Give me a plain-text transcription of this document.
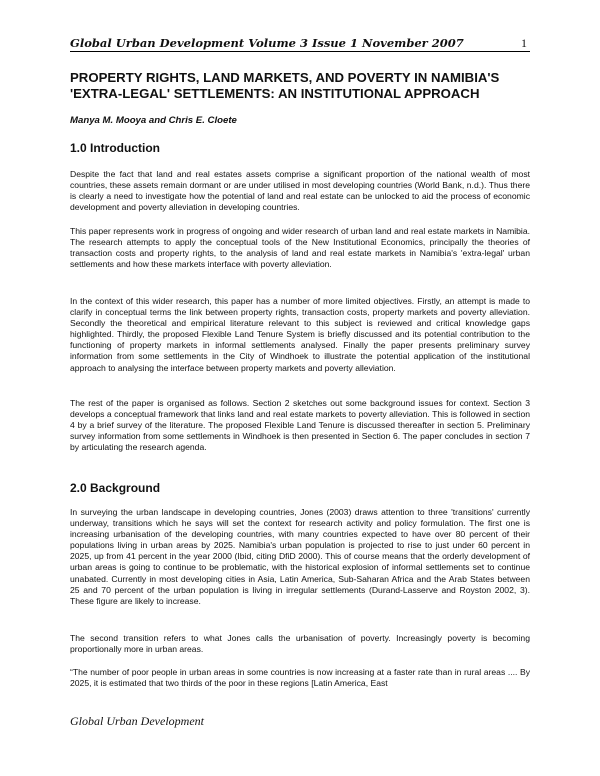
Global Urban Development Volume 3 Issue 1 November 2007	1
PROPERTY RIGHTS, LAND MARKETS, AND POVERTY IN NAMIBIA'S 'EXTRA-LEGAL' SETTLEMENTS: AN INSTITUTIONAL APPROACH
Manya M. Mooya and Chris E. Cloete
1.0 Introduction

Despite the fact that land and real estates assets comprise a significant proportion of the national wealth of most countries, these assets remain dormant or are under utilised in most developing countries (World Bank, n.d.). Thus there is clearly a need to investigate how the potential of land and real estate can be unlocked to aid the process of economic development and poverty alleviation in developing countries.

This paper represents work in progress of ongoing and wider research of urban land and real estate markets in Namibia. The research attempts to apply the conceptual tools of the New Institutional Economics, principally the theories of transaction costs and property rights, to the analysis of land and real estate markets in Namibia's 'extra-legal' urban settlements and how these markets interface with poverty alleviation.

In the context of this wider research, this paper has a number of more limited objectives. Firstly, an attempt is made to clarify in conceptual terms the link between property rights, transaction costs, property markets and poverty alleviation. Secondly the theoretical and empirical literature relevant to this subject is reviewed and critical knowledge gaps highlighted. Thirdly, the proposed Flexible Land Tenure System is briefly discussed and its potential contribution to the functioning of property markets in informal settlements analysed. Finally the paper presents preliminary survey information from some settlements in the City of Windhoek to illustrate the potential application of the institutional approach to analysing the interface between property markets and poverty alleviation.

The rest of the paper is organised as follows. Section 2 sketches out some background issues for context. Section 3 develops a conceptual framework that links land and real estate markets to poverty alleviation. This is followed in section 4 by a brief survey of the literature. The proposed Flexible Land Tenure is discussed thereafter in section 5. Preliminary survey information from some settlements in Windhoek is then presented in Section 6. The paper concludes in section 7 by articulating the research agenda.

2.0 Background

In surveying the urban landscape in developing countries, Jones (2003) draws attention to three 'transitions' currently underway, transitions which he says will set the context for research activity and policy formulation. The first one is increasing urbanisation of the developing countries, with many countries expected to have over 80 percent of their populations living in urban areas by 2025. Namibia's urban population is projected to rise to just under 60 percent in 2025, up from 41 percent in the year 2000 (Ibid, citing DfiD 2000). This of course means that the orderly development of urban areas is going to continue to be problematic, with the historical explosion of informal settlements set to continue unabated. Currently in most developing cities in Asia, Latin America, Sub-Saharan Africa and the Arab States between 25 and 70 percent of the urban population is living in irregular settlements (Durand-Lasserve and Royston 2002, 3). These figure are likely to increase.

The second transition refers to what Jones calls the urbanisation of poverty. Increasingly poverty is becoming proportionally more in urban areas.

“The number of poor people in urban areas in some countries is now increasing at a faster rate than in rural areas .... By 2025, it is estimated that two thirds of the poor in these regions [Latin America, East

Global Urban Development
